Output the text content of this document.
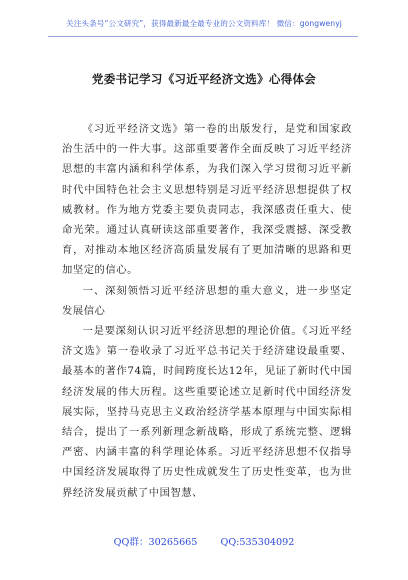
关注头条号“公文研究”，获得最新最全最专业的公文资料库！ 微信：gongwenyj
党委书记学习《习近平经济文选》心得体会

《习近平经济文选》第一卷的出版发行，是党和国家政治生活中的一件大事。这部重要著作全面反映了习近平经济思想的丰富内涵和科学体系，为我们深入学习贯彻习近平新时代中国特色社会主义思想特别是习近平经济思想提供了权威教材。作为地方党委主要负责同志，我深感责任重大、使命光荣。通过认真研读这部重要著作，我深受震撼、深受教育，对推动本地区经济高质量发展有了更加清晰的思路和更加坚定的信心。

一、深刻领悟习近平经济思想的重大意义，进一步坚定发展信心

一是要深刻认识习近平经济思想的理论价值。《习近平经济文选》第一卷收录了习近平总书记关于经济建设最重要、最基本的著作74篇，时间跨度长达12年，见证了新时代中国经济发展的伟大历程。这些重要论述立足新时代中国经济发展实际，坚持马克思主义政治经济学基本原理与中国实际相结合，提出了一系列新理念新战略，形成了系统完整、逻辑严密、内涵丰富的科学理论体系。习近平经济思想不仅指导中国经济发展取得了历史性成就发生了历史性变革，也为世界经济发展贡献了中国智慧、

QQ群：30265665 QQ:535304092
